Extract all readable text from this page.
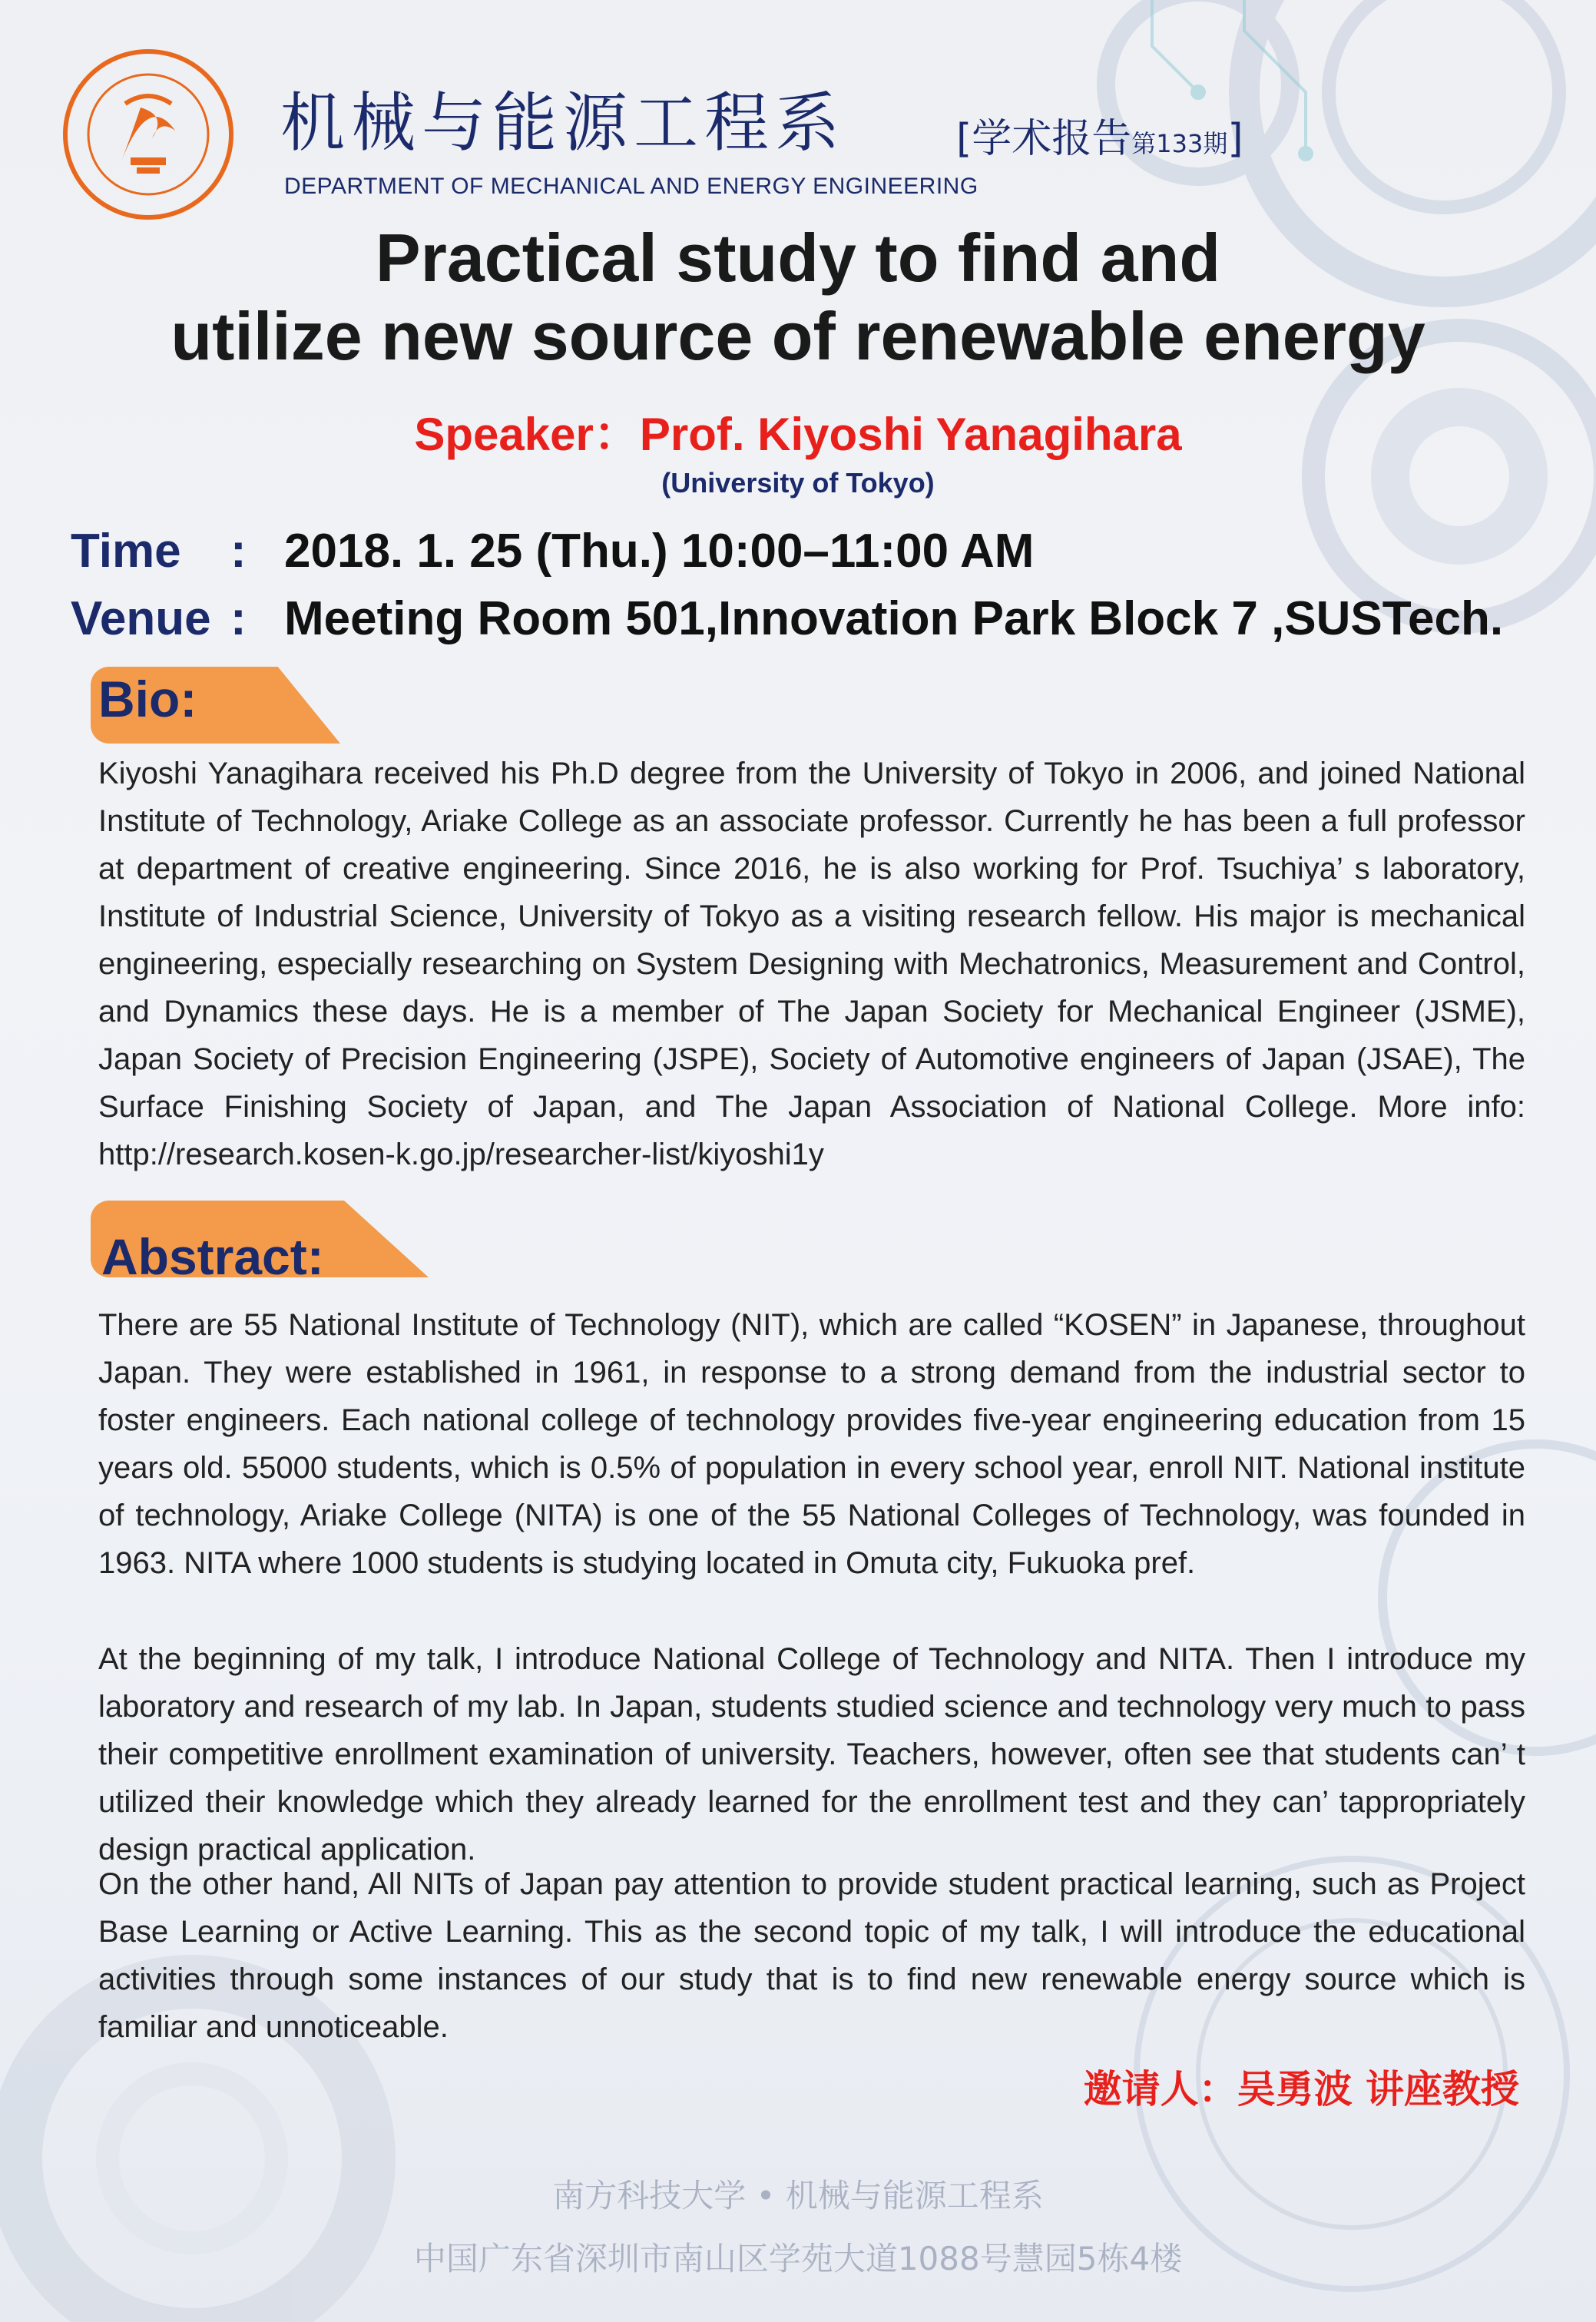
机械与能源工程系	[学术报告第133期]
DEPARTMENT OF MECHANICAL AND ENERGY ENGINEERING
Practical study to find and
utilize new source of renewable energy
Speaker：Prof. Kiyoshi Yanagihara
(University of Tokyo)
Time : 2018. 1. 25 (Thu.) 10:00–11:00 AM
Venue : Meeting Room 501,Innovation Park Block 7 ,SUSTech.
Bio:
Kiyoshi Yanagihara received his Ph.D degree from the University of Tokyo in 2006, and joined National Institute of Technology, Ariake College as an associate professor. Currently he has been a full professor at department of creative engineering. Since 2016, he is also working for Prof. Tsuchiya’ s laboratory, Institute of Industrial Science, University of Tokyo as a visiting research fellow. His major is mechanical engineering, especially researching on System Designing with Mechatronics, Measurement and Control, and Dynamics these days. He is a member of The Japan Society for Mechanical Engineer (JSME), Japan Society of Precision Engineering (JSPE), Society of Automotive engineers of Japan (JSAE), The Surface Finishing Society of Japan, and The Japan Association of National College. More info: http://research.kosen-k.go.jp/researcher-list/kiyoshi1y
Abstract:
There are 55 National Institute of Technology (NIT), which are called “KOSEN” in Japanese, throughout Japan. They were established in 1961, in response to a strong demand from the industrial sector to foster engineers. Each national college of technology provides five-year engineering education from 15 years old. 55000 students, which is 0.5% of population in every school year, enroll NIT. National institute of technology, Ariake College (NITA) is one of the 55 National Colleges of Technology, was founded in 1963. NITA where 1000 students is studying located in Omuta city, Fukuoka pref.
At the beginning of my talk, I introduce National College of Technology and NITA. Then I introduce my laboratory and research of my lab. In Japan, students studied science and technology very much to pass their competitive enrollment examination of university. Teachers, however, often see that students can’ t utilized their knowledge which they already learned for the enrollment test and they can’ tappropriately design practical application.
On the other hand, All NITs of Japan pay attention to provide student practical learning, such as Project Base Learning or Active Learning. This as the second topic of my talk, I will introduce the educational activities through some instances of our study that is to find new renewable energy source which is familiar and unnoticeable.
邀请人：吴勇波 讲座教授
南方科技大学 • 机械与能源工程系
中国广东省深圳市南山区学苑大道1088号慧园5栋4楼
